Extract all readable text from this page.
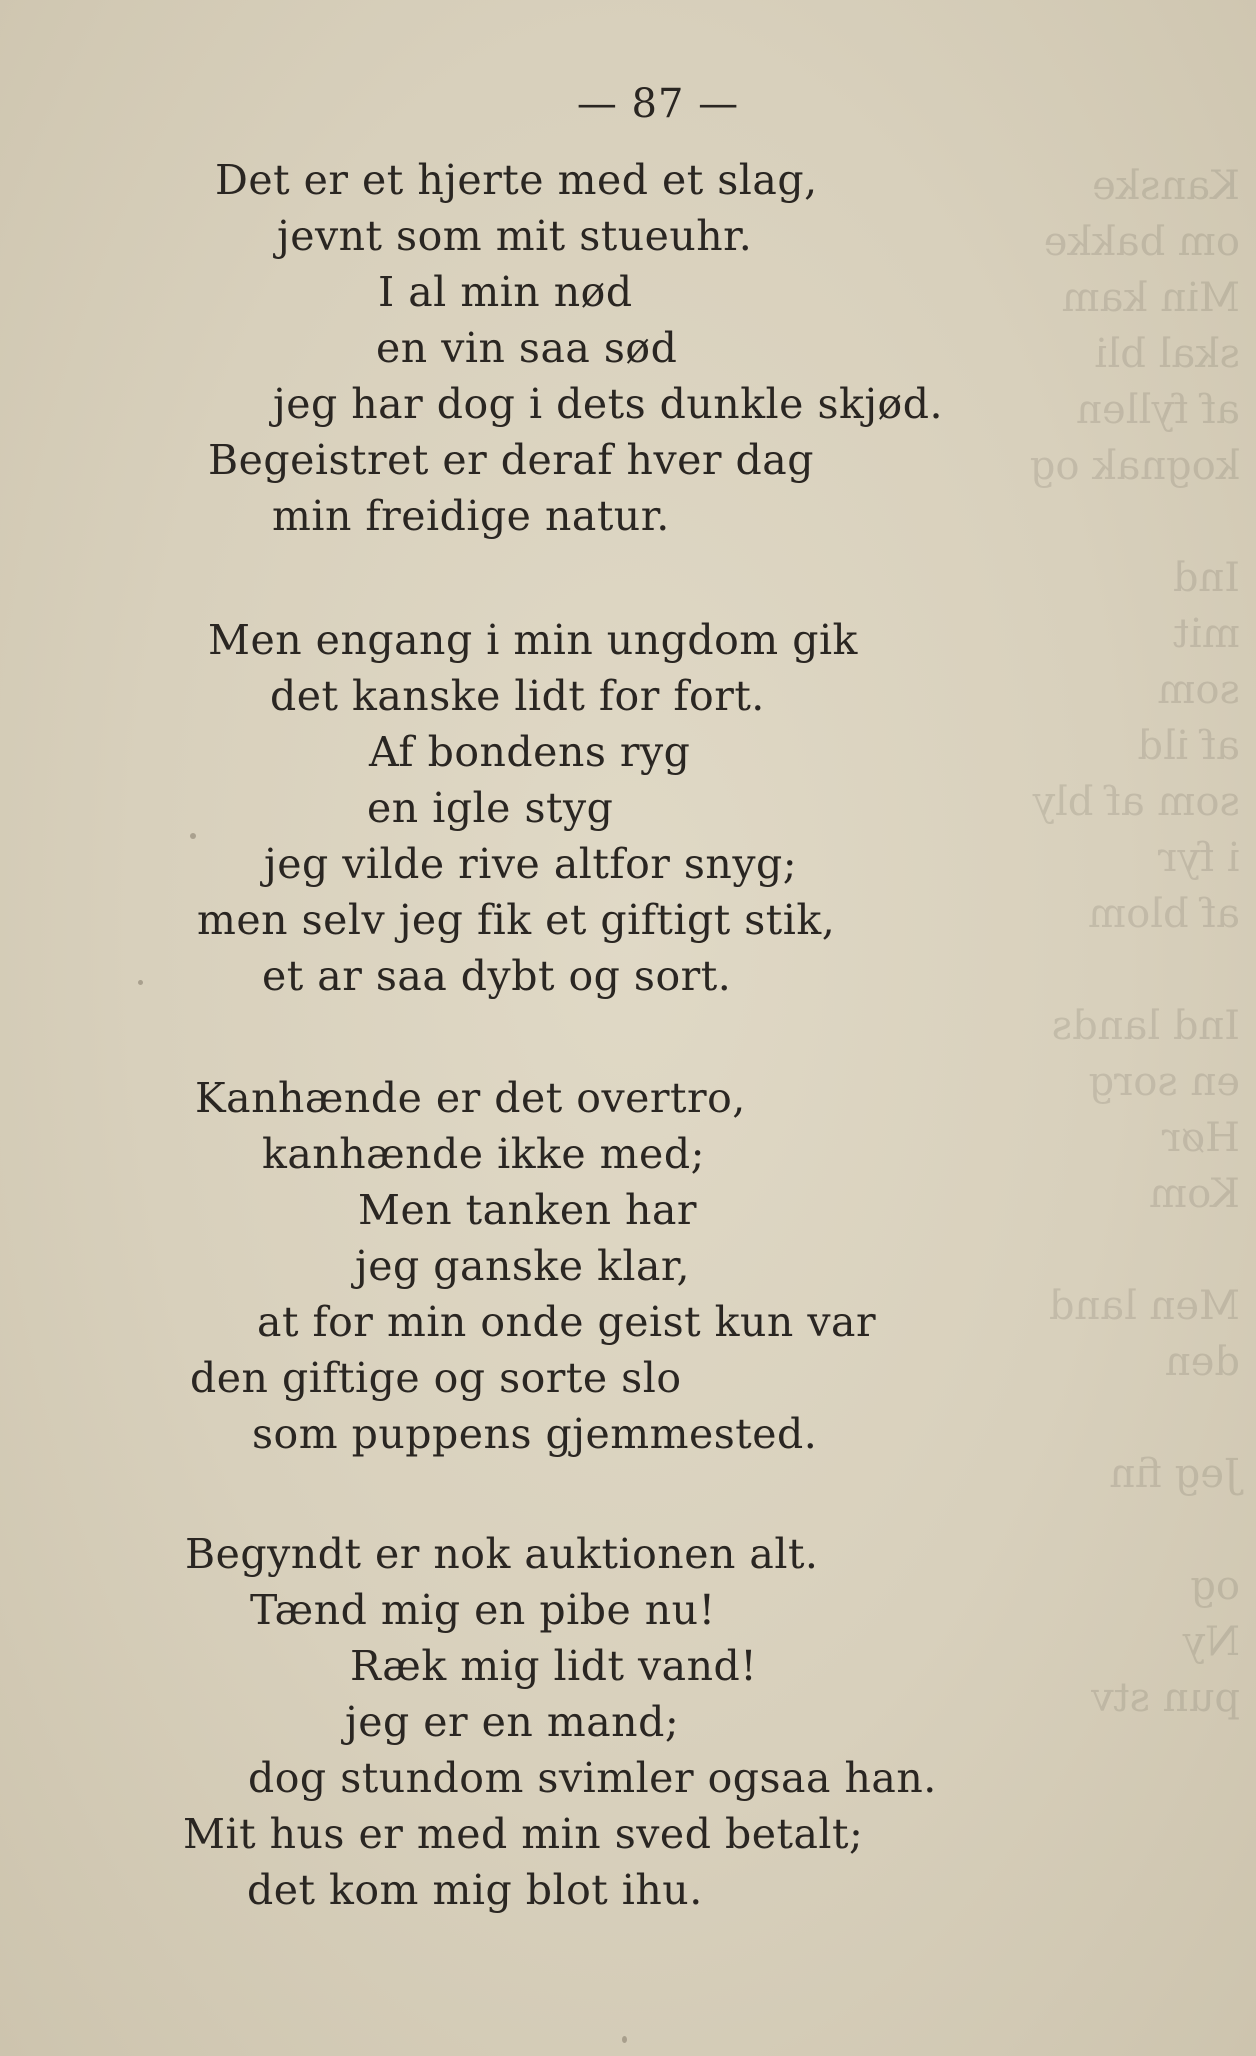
Kanske
om bakke
Min kam
skal bli
af fyllen
kognak og

Ind
mit
som
af ild
som af bly
i fyr
af blom

Ind lands
en sorg
Hør
Kom

Men land
den

Jeg fin

og
Ny
pun stv
— 87 —
Det er et hjerte med et slag,
jevnt som mit stueuhr.
I al min nød
en vin saa sød
jeg har dog i dets dunkle skjød.
Begeistret er deraf hver dag
min freidige natur.
Men engang i min ungdom gik
det kanske lidt for fort.
Af bondens ryg
en igle styg
jeg vilde rive altfor snyg;
men selv jeg fik et giftigt stik,
et ar saa dybt og sort.
Kanhænde er det overtro,
kanhænde ikke med;
Men tanken har
jeg ganske klar,
at for min onde geist kun var
den giftige og sorte slo
som puppens gjemmested.
Begyndt er nok auktionen alt.
Tænd mig en pibe nu!
Ræk mig lidt vand!
jeg er en mand;
dog stundom svimler ogsaa han.
Mit hus er med min sved betalt;
det kom mig blot ihu.
